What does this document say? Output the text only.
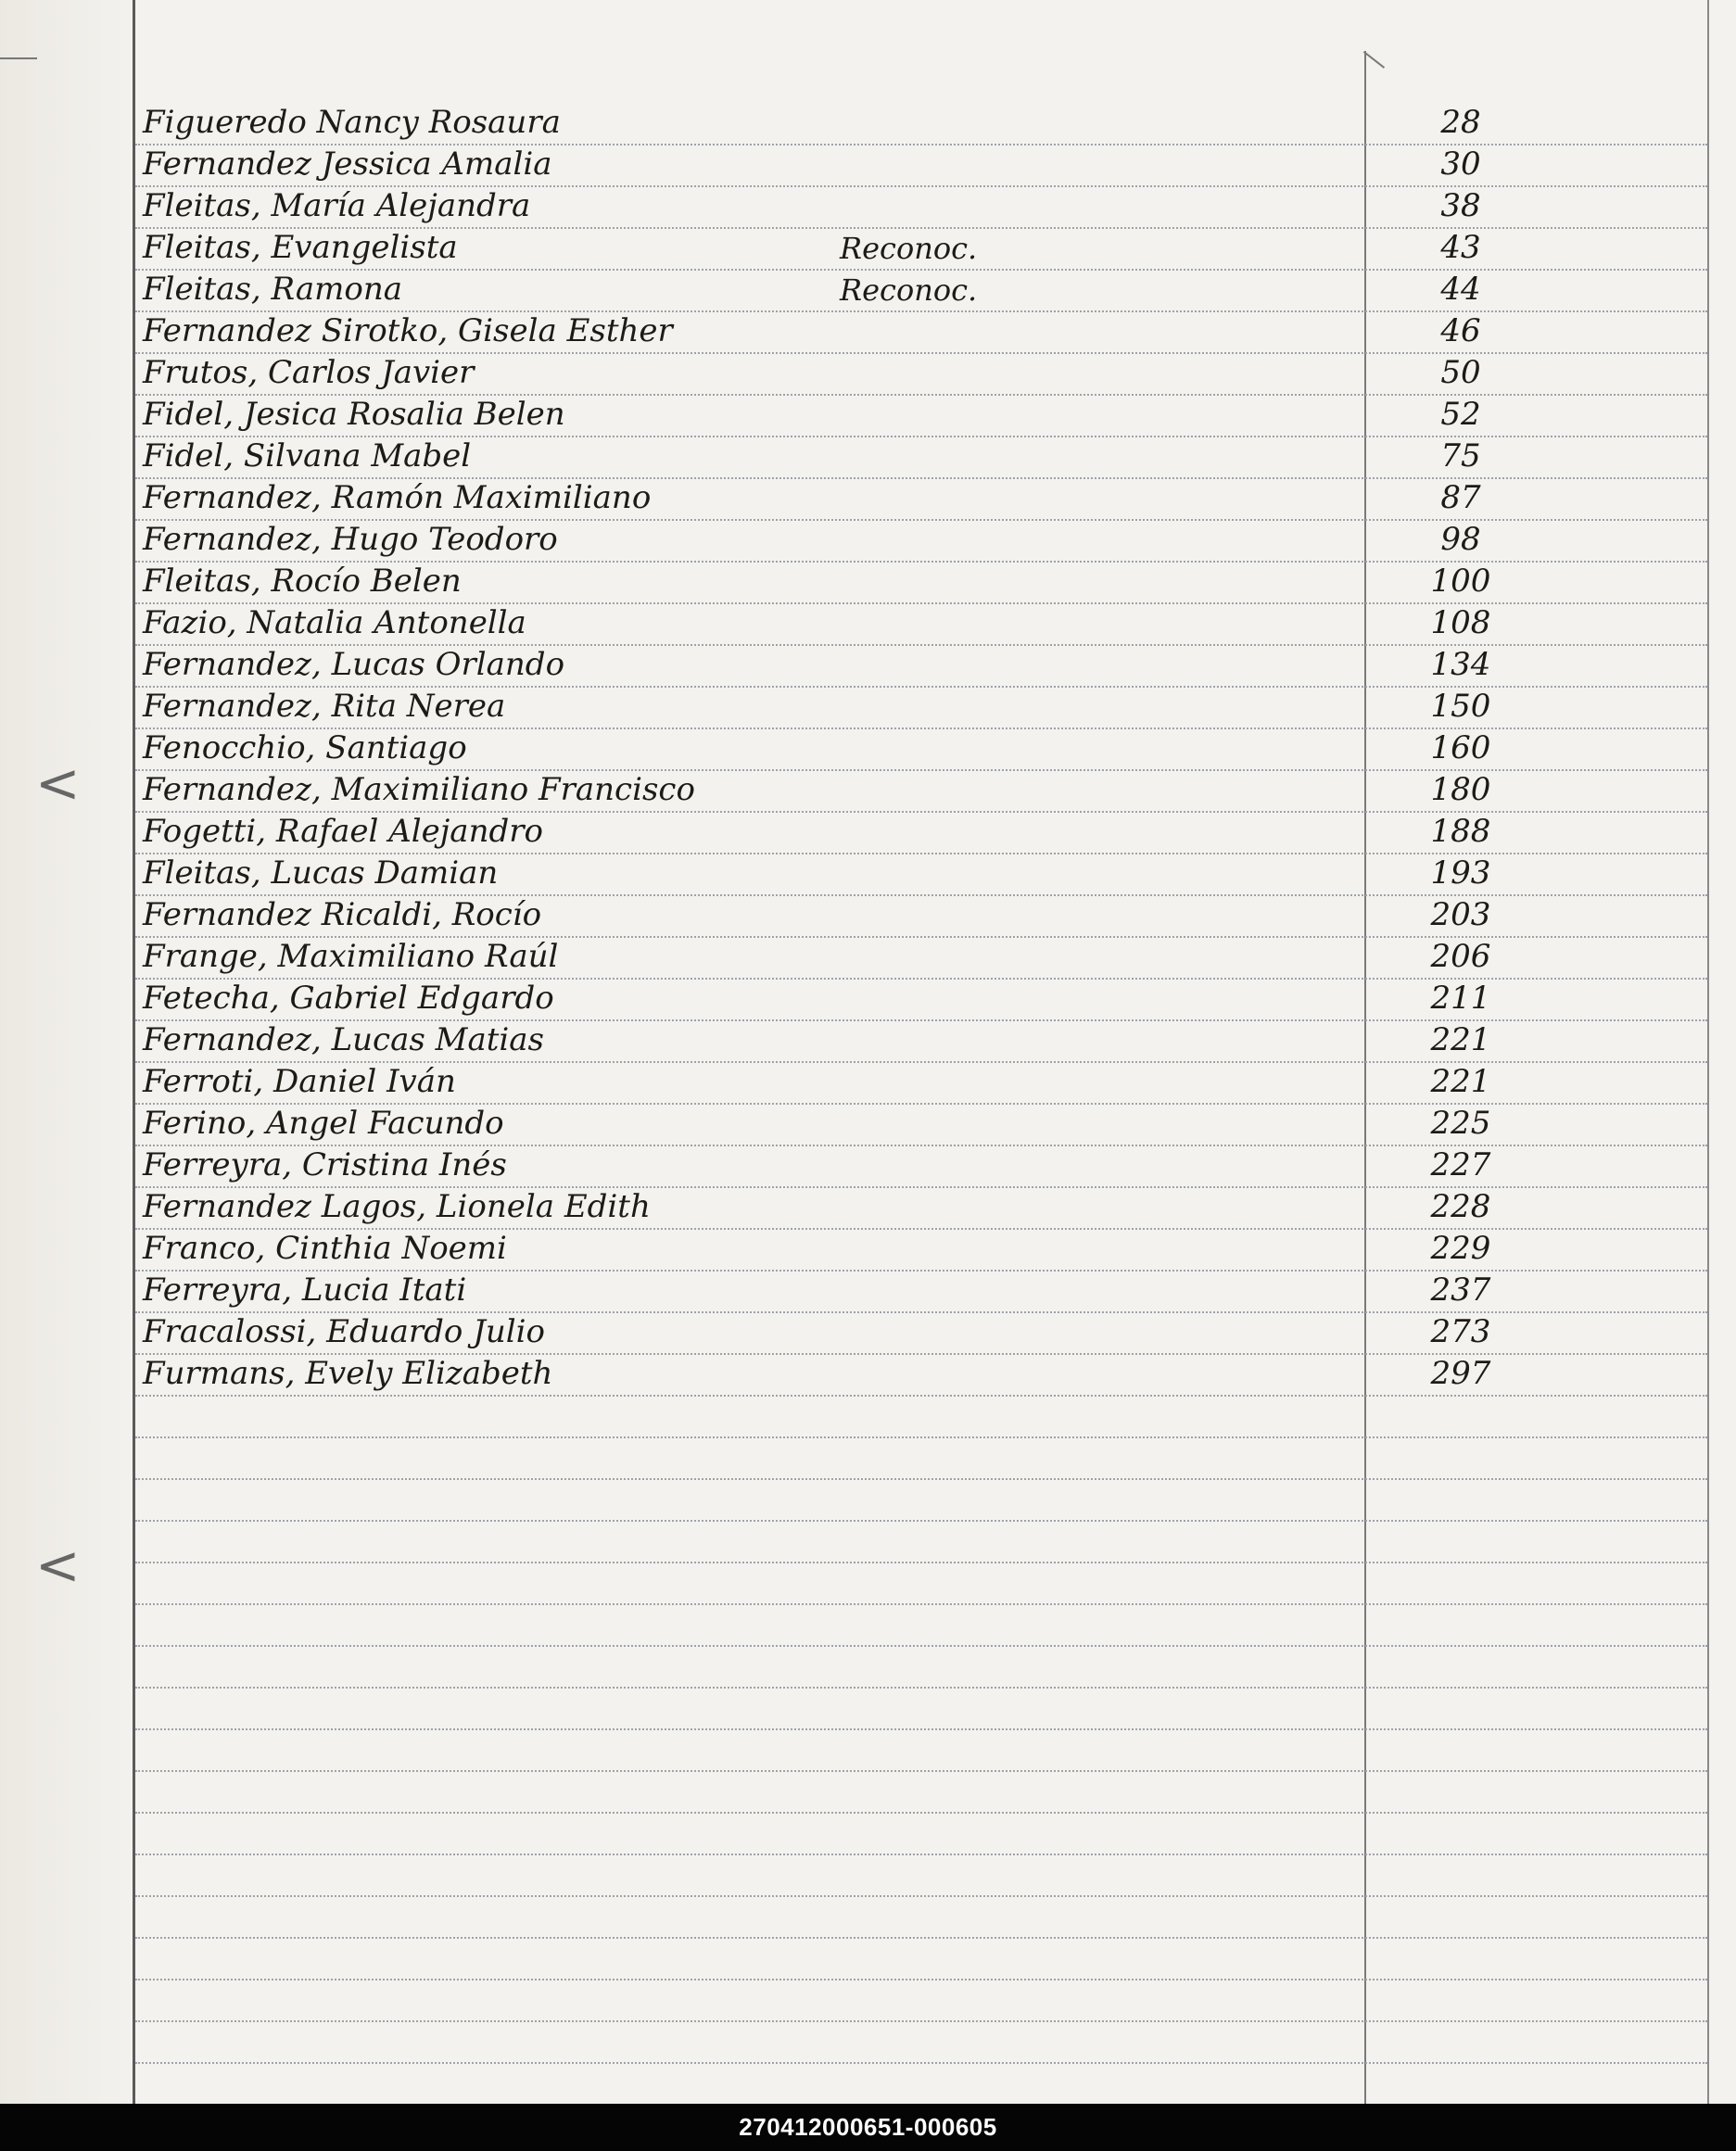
<
<
Figueredo Nancy Rosaura	28
Fernandez Jessica Amalia	30
Fleitas, María Alejandra	38
Fleitas, Evangelista	Reconoc.	43
Fleitas, Ramona	Reconoc.	44
Fernandez Sirotko, Gisela Esther	46
Frutos, Carlos Javier	50
Fidel, Jesica Rosalia Belen	52
Fidel, Silvana Mabel	75
Fernandez, Ramón Maximiliano	87
Fernandez, Hugo Teodoro	98
Fleitas, Rocío Belen	100
Fazio, Natalia Antonella	108
Fernandez, Lucas Orlando	134
Fernandez, Rita Nerea	150
Fenocchio, Santiago	160
Fernandez, Maximiliano Francisco	180
Fogetti, Rafael Alejandro	188
Fleitas, Lucas Damian	193
Fernandez Ricaldi, Rocío	203
Frange, Maximiliano Raúl	206
Fetecha, Gabriel Edgardo	211
Fernandez, Lucas Matias	221
Ferroti, Daniel Iván	221
Ferino, Angel Facundo	225
Ferreyra, Cristina Inés	227
Fernandez Lagos, Lionela Edith	228
Franco, Cinthia Noemi	229
Ferreyra, Lucia Itati	237
Fracalossi, Eduardo Julio	273
Furmans, Evely Elizabeth	297
270412000651-000605
